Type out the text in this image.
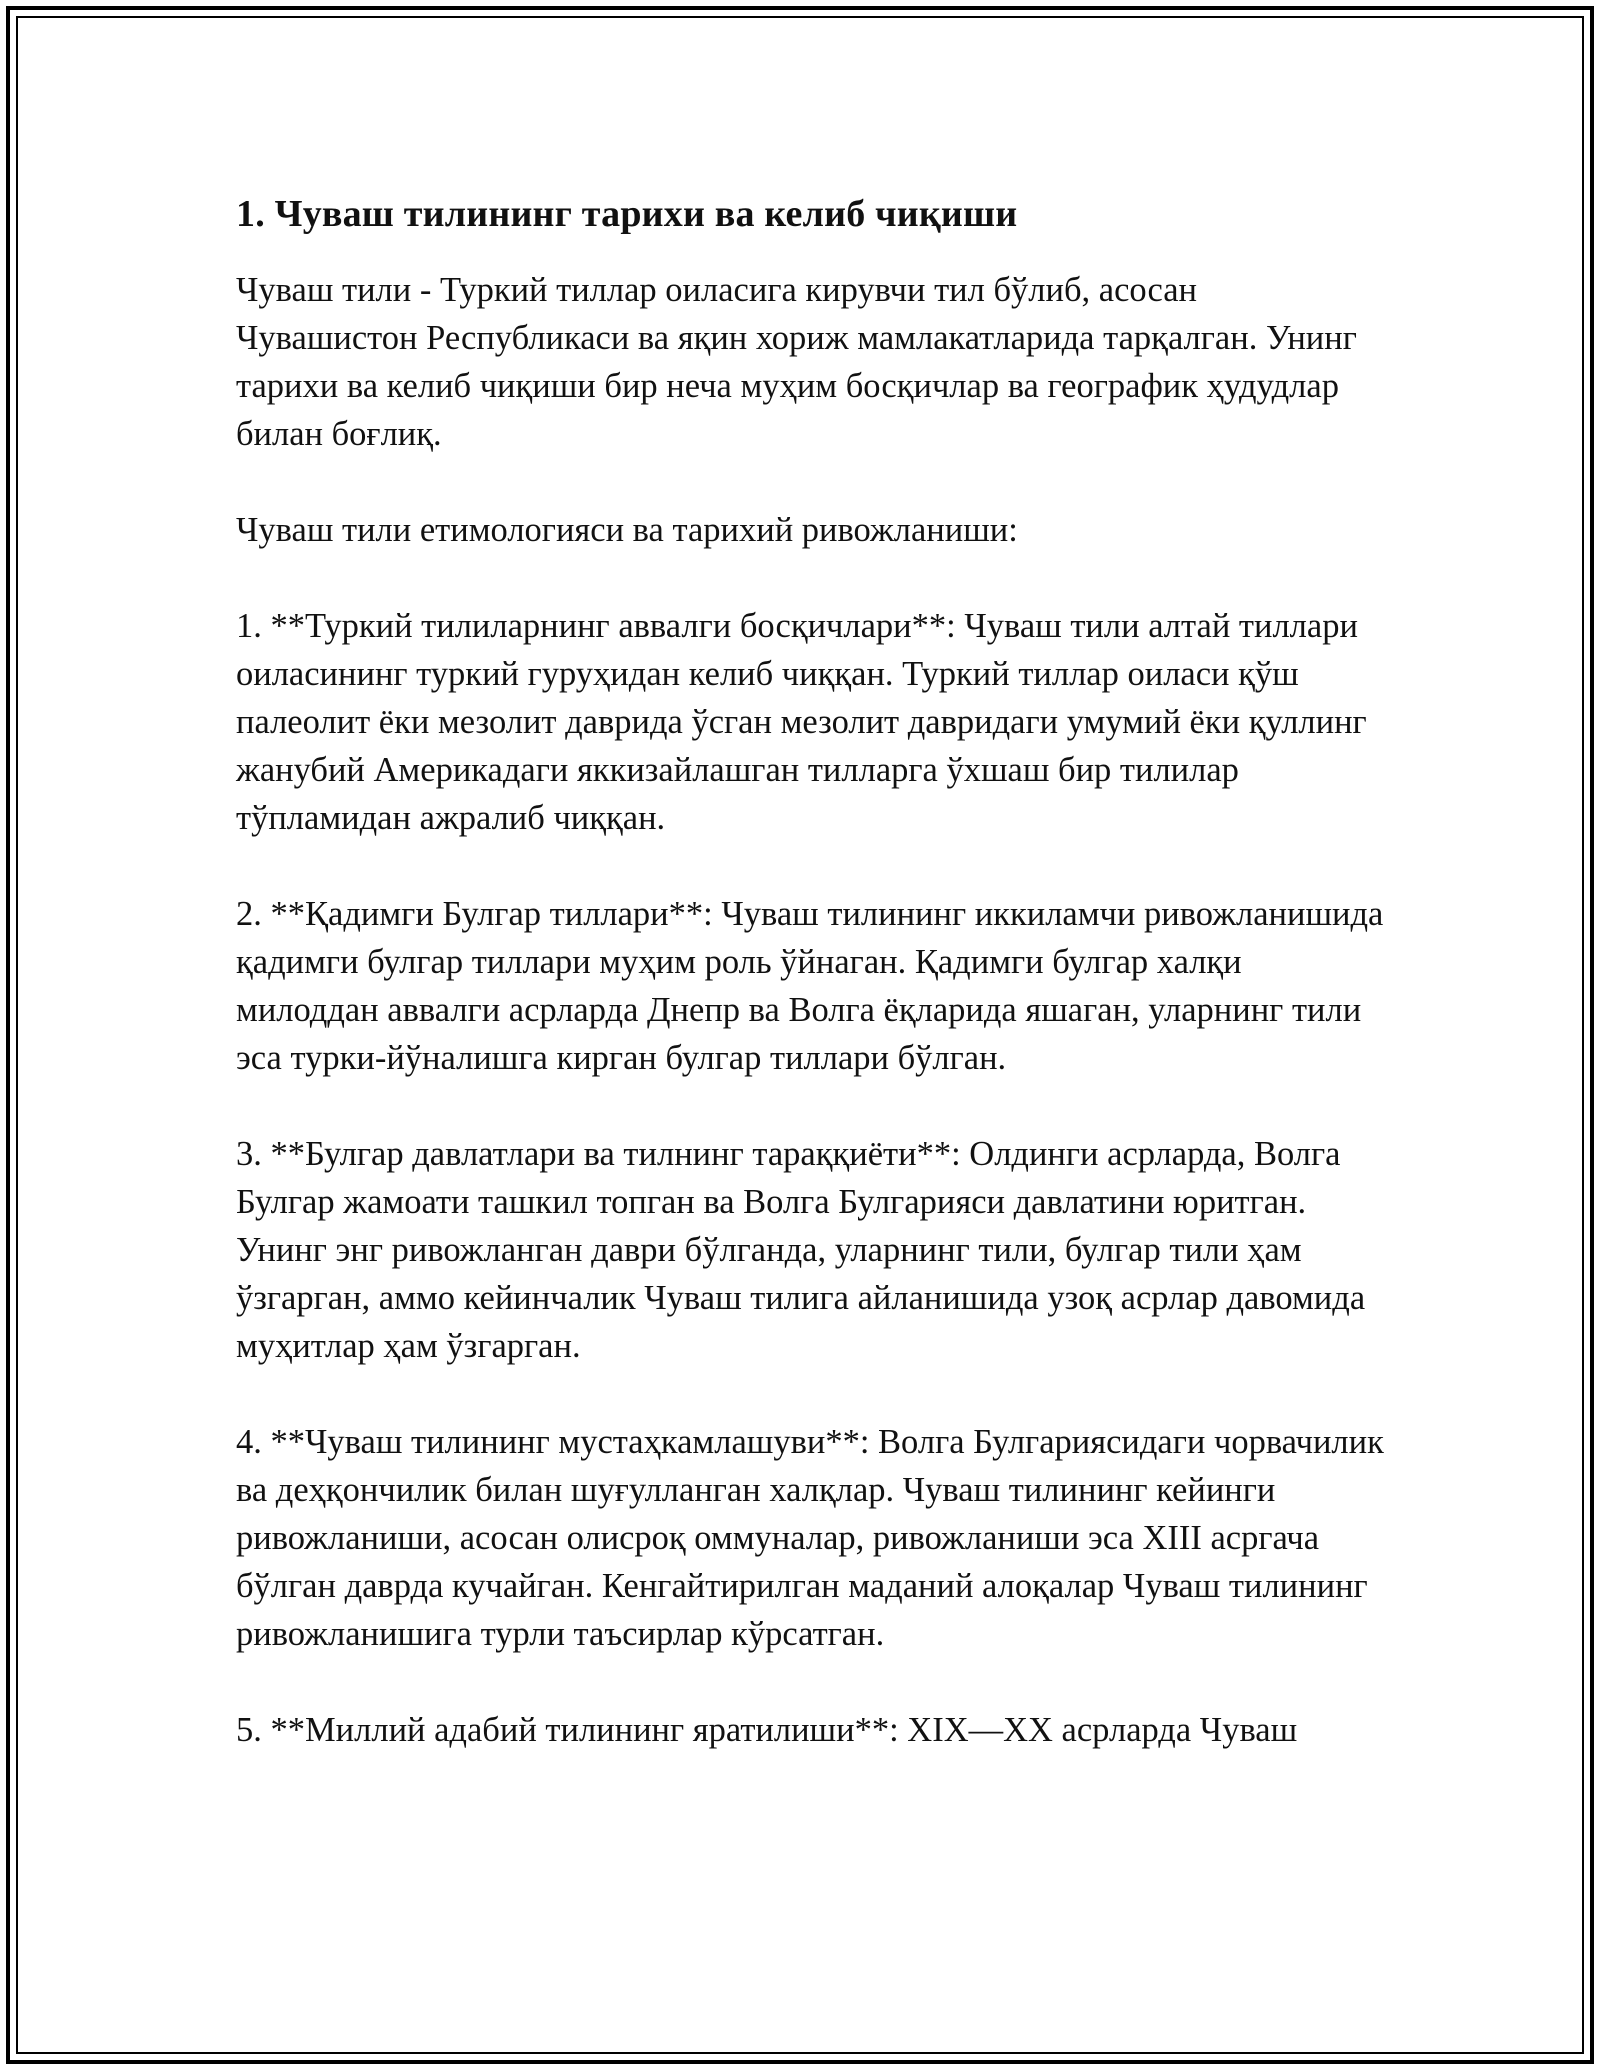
1. Чуваш тилининг тарихи ва келиб чиқиши

Чуваш тили - Туркий тиллар оиласига кирувчи тил бўлиб, асосан Чувашистон Республикаси ва яқин хориж мамлакатларида тарқалган. Унинг тарихи ва келиб чиқиши бир неча муҳим босқичлар ва географик ҳудудлар билан боғлиқ.

Чуваш тили етимологияси ва тарихий ривожланиши:

1. **Туркий тилиларнинг аввалги босқичлари**: Чуваш тили алтай тиллари оиласининг туркий гуруҳидан келиб чиққан. Туркий тиллар оиласи қўш палеолит ёки мезолит даврида ўсган мезолит давридаги умумий ёки қуллинг жанубий Америкадаги яккизайлашган тилларга ўхшаш бир тилилар тўпламидан ажралиб чиққан.

2. **Қадимги Булгар тиллари**: Чуваш тилининг иккиламчи ривожланишида қадимги булгар тиллари муҳим роль ўйнаган. Қадимги булгар халқи милоддан аввалги асрларда Днепр ва Волга ёқларида яшаган, уларнинг тили эса турки-йўналишга кирган булгар тиллари бўлган.

3. **Булгар давлатлари ва тилнинг тараққиёти**: Олдинги асрларда, Волга Булгар жамоати ташкил топган ва Волга Булгарияси давлатини юритган. Унинг энг ривожланган даври бўлганда, уларнинг тили, булгар тили ҳам ўзгарган, аммо кейинчалик Чуваш тилига айланишида узоқ асрлар давомида муҳитлар ҳам ўзгарган.

4. **Чуваш тилининг мустаҳкамлашуви**: Волга Булгариясидаги чорвачилик ва деҳқончилик билан шуғулланган халқлар. Чуваш тилининг кейинги ривожланиши, асосан олисроқ оммуналар, ривожланиши эса XIII асргача бўлган даврда кучайган. Кенгайтирилган маданий алоқалар Чуваш тилининг ривожланишига турли таъсирлар кўрсатган.

5. **Миллий адабий тилининг яратилиши**: XIX—XX асрларда Чуваш
